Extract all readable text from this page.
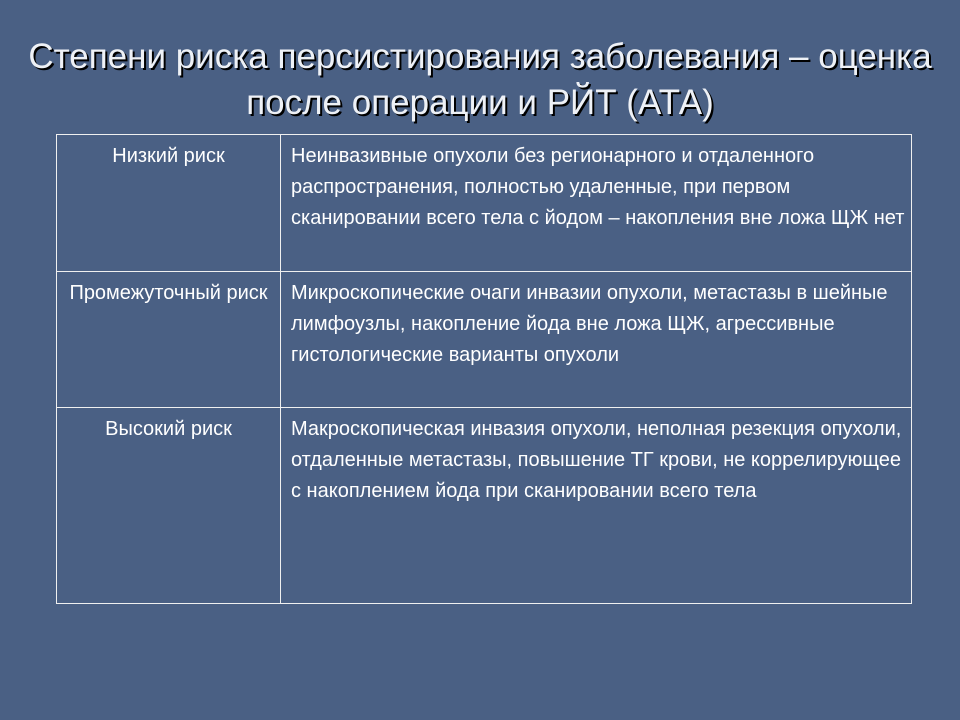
Степени риска персистирования заболевания – оценка после операции и РЙТ (АТА)
Низкий риск	Неинвазивные опухоли без регионарного и отдаленного распространения, полностью удаленные, при первом сканировании всего тела с йодом – накопления вне ложа ЩЖ нет
Промежуточный риск	Микроскопические очаги инвазии опухоли, метастазы в шейные лимфоузлы, накопление йода вне ложа ЩЖ, агрессивные гистологические варианты опухоли
Высокий риск	Макроскопическая инвазия опухоли, неполная резекция опухоли, отдаленные метастазы, повышение ТГ крови, не коррелирующее с накоплением йода при сканировании всего тела
